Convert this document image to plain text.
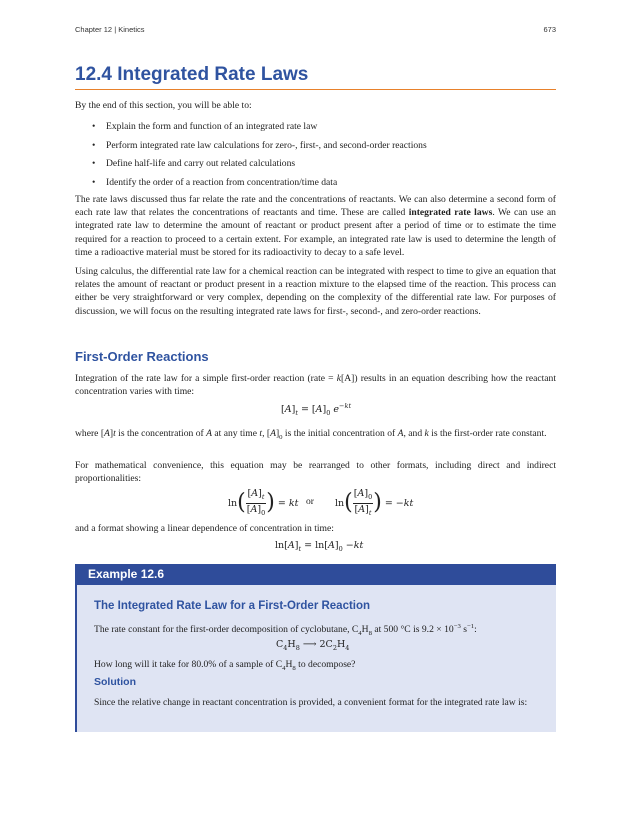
Chapter 12 | Kinetics	673
12.4 Integrated Rate Laws
By the end of this section, you will be able to:
• Explain the form and function of an integrated rate law
• Perform integrated rate law calculations for zero-, first-, and second-order reactions
• Define half-life and carry out related calculations
• Identify the order of a reaction from concentration/time data

The rate laws discussed thus far relate the rate and the concentrations of reactants. We can also determine a second form of each rate law that relates the concentrations of reactants and time. These are called integrated rate laws. We can use an integrated rate law to determine the amount of reactant or product present after a period of time or to estimate the time required for a reaction to proceed to a certain extent. For example, an integrated rate law is used to determine the length of time a radioactive material must be stored for its radioactivity to decay to a safe level.

Using calculus, the differential rate law for a chemical reaction can be integrated with respect to time to give an equation that relates the amount of reactant or product present in a reaction mixture to the elapsed time of the reaction. This process can either be very straightforward or very complex, depending on the complexity of the differential rate law. For purposes of discussion, we will focus on the resulting integrated rate laws for first-, second-, and zero-order reactions.
First-Order Reactions

Integration of the rate law for a simple first-order reaction (rate = k[A]) results in an equation describing how the reactant concentration varies with time:

$[A]_t = [A]_0$ $e^{-kt}$

where [A]t is the concentration of A at any time t, $[A]_0$ is the initial concentration of A, and k is the first-order rate constant.

For mathematical convenience, this equation may be rearranged to other formats, including direct and indirect proportionalities:
$\ln( \frac{[A]_t}{[A]_0}$ ) = kt or $\ln( \frac{[A]_0}{[A]_t}$ ) = −kt
and a format showing a linear dependence of concentration in time:
$\ln[A]_t = \ln[A]_0 -kt$
Example 12.6
The Integrated Rate Law for a First-Order Reaction
The rate constant for the first-order decomposition of cyclobutane, $C_4H_8$ at 500 °C is $9.2 \times 10^{-3}$ $s^{-1}$:
$C_4H_8$ ⟶ $2C_2H_4$
How long will it take for 80.0% of a sample of $C_4H_8$ to decompose?
Solution
Since the relative change in reactant concentration is provided, a convenient format for the integrated rate law is:
